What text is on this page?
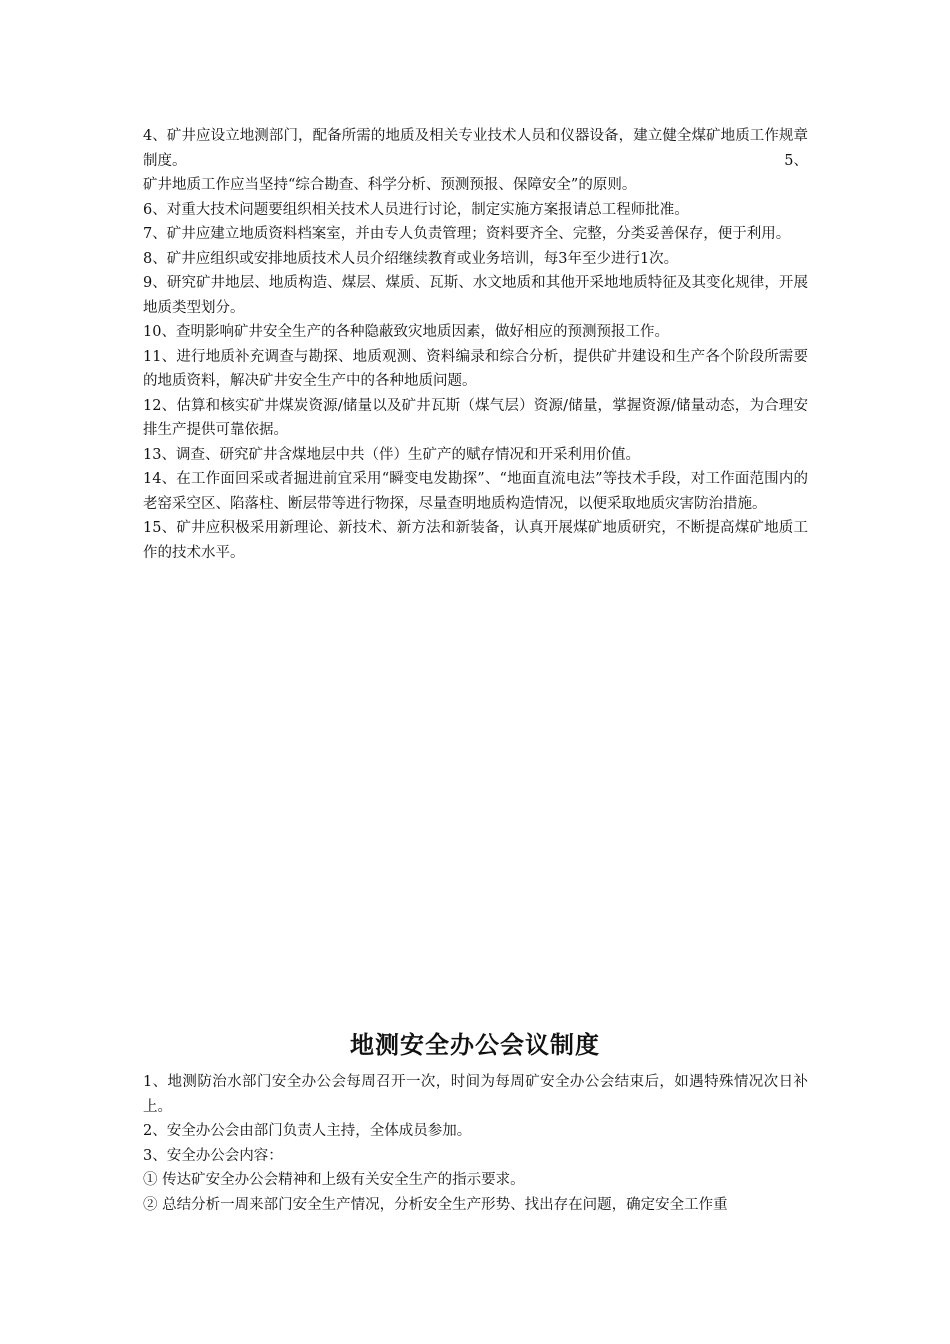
4、矿井应设立地测部门，配备所需的地质及相关专业技术人员和仪器设备，建立健全煤矿地质工作规章制度。	5、
矿井地质工作应当坚持“综合勘查、科学分析、预测预报、保障安全”的原则。

6、对重大技术问题要组织相关技术人员进行讨论，制定实施方案报请总工程师批准。

7、矿井应建立地质资料档案室，并由专人负责管理；资料要齐全、完整，分类妥善保存，便于利用。

8、矿井应组织或安排地质技术人员介绍继续教育或业务培训，每3年至少进行1次。

9、研究矿井地层、地质构造、煤层、煤质、瓦斯、水文地质和其他开采地地质特征及其变化规律，开展地质类型划分。

10、查明影响矿井安全生产的各种隐蔽致灾地质因素，做好相应的预测预报工作。

11、进行地质补充调查与勘探、地质观测、资料编录和综合分析，提供矿井建设和生产各个阶段所需要的地质资料，解决矿井安全生产中的各种地质问题。

12、估算和核实矿井煤炭资源/储量以及矿井瓦斯（煤气层）资源/储量，掌握资源/储量动态，为合理安排生产提供可靠依据。

13、调查、研究矿井含煤地层中共（伴）生矿产的赋存情况和开采利用价值。

14、在工作面回采或者掘进前宜采用“瞬变电发勘探”、“地面直流电法”等技术手段，对工作面范围内的老窑采空区、陷落柱、断层带等进行物探，尽量查明地质构造情况，以便采取地质灾害防治措施。

15、矿井应积极采用新理论、新技术、新方法和新装备，认真开展煤矿地质研究，不断提高煤矿地质工作的技术水平。

地测安全办公会议制度

1、地测防治水部门安全办公会每周召开一次，时间为每周矿安全办公会结束后，如遇特殊情况次日补上。

2、安全办公会由部门负责人主持，全体成员参加。

3、安全办公会内容：

① 传达矿安全办公会精神和上级有关安全生产的指示要求。

② 总结分析一周来部门安全生产情况，分析安全生产形势、找出存在问题，确定安全工作重
